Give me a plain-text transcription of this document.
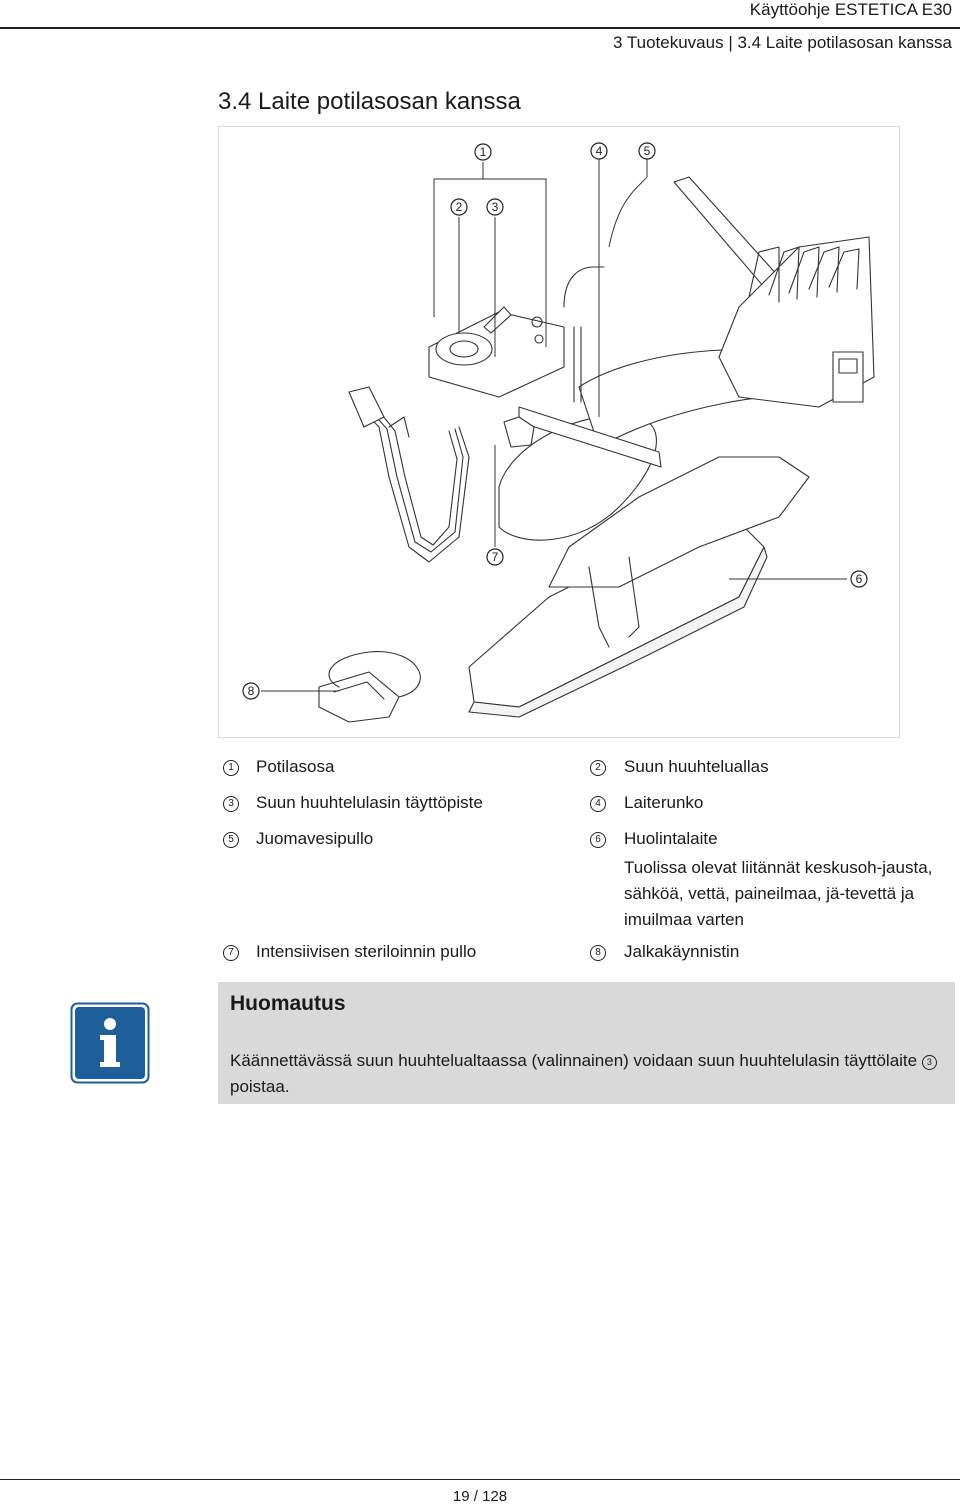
Käyttöohje ESTETICA E30
3 Tuotekuvaus | 3.4 Laite potilasosan kanssa
3.4 Laite potilasosan kanssa
1
2 3
4	5
6
7
8
1	Potilasosa	2	Suun huuhteluallas
3	Suun huuhtelulasin täyttöpiste	4	Laiterunko
5	Juomavesipullo	6	Huolintalaite
Tuolissa olevat liitännät keskusoh-jausta, sähköä, vettä, paineilmaa, jä-tevettä ja imuilmaa varten
7	Intensiivisen steriloinnin pullo	8	Jalkakäynnistin
Huomautus
Käännettävässä suun huuhtelualtaassa (valinnainen) voidaan suun huuhtelulasin täyttölaite 3 poistaa.
19 / 128
